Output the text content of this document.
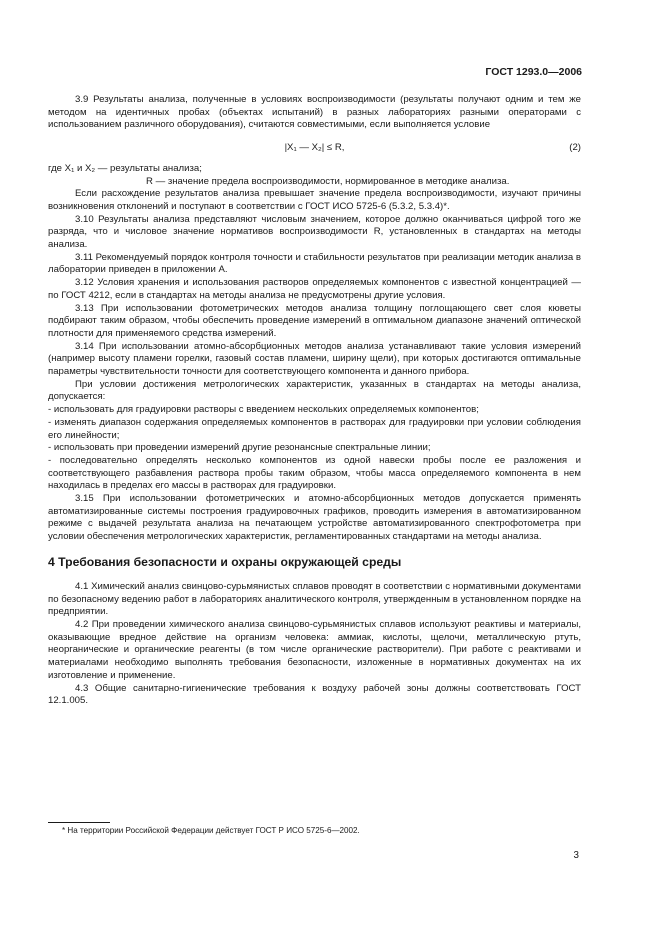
ГОСТ 1293.0—2006

3.9 Результаты анализа, полученные в условиях воспроизводимости (результаты получают одним и тем же методом на идентичных пробах (объектах испытаний) в разных лабораториях разными операторами с использованием различного оборудования), считаются совместимыми, если выполняется условие

|X₁ — X₂| ≤ R,	(2)

где X₁ и X₂ — результаты анализа;

R — значение предела воспроизводимости, нормированное в методике анализа.

Если расхождение результатов анализа превышает значение предела воспроизводимости, изучают причины возникновения отклонений и поступают в соответствии с ГОСТ ИСО 5725-6 (5.3.2, 5.3.4)*.

3.10 Результаты анализа представляют числовым значением, которое должно оканчиваться цифрой того же разряда, что и числовое значение нормативов воспроизводимости R, установленных в стандартах на методы анализа.

3.11 Рекомендуемый порядок контроля точности и стабильности результатов при реализации методик анализа в лаборатории приведен в приложении А.

3.12 Условия хранения и использования растворов определяемых компонентов с известной концентрацией — по ГОСТ 4212, если в стандартах на методы анализа не предусмотрены другие условия.

3.13 При использовании фотометрических методов анализа толщину поглощающего свет слоя кюветы подбирают таким образом, чтобы обеспечить проведение измерений в оптимальном диапазоне значений оптической плотности для применяемого средства измерений.

3.14 При использовании атомно-абсорбционных методов анализа устанавливают такие условия измерений (например высоту пламени горелки, газовый состав пламени, ширину щели), при которых достигаются оптимальные параметры чувствительности точности для соответствующего компонента и данного прибора.

При условии достижения метрологических характеристик, указанных в стандартах на методы анализа, допускается:

- использовать для градуировки растворы с введением нескольких определяемых компонентов;

- изменять диапазон содержания определяемых компонентов в растворах для градуировки при условии соблюдения его линейности;

- использовать при проведении измерений другие резонансные спектральные линии;

- последовательно определять несколько компонентов из одной навески пробы после ее разложения и соответствующего разбавления раствора пробы таким образом, чтобы масса определяемого компонента в нем находилась в пределах его массы в растворах для градуировки.

3.15 При использовании фотометрических и атомно-абсорбционных методов допускается применять автоматизированные системы построения градуировочных графиков, проводить измерения в автоматизированном режиме с выдачей результата анализа на печатающем устройстве автоматизированного спектрофотометра при условии обеспечения метрологических характеристик, регламентированных стандартами на методы анализа.

4 Требования безопасности и охраны окружающей среды

4.1 Химический анализ свинцово-сурьмянистых сплавов проводят в соответствии с нормативными документами по безопасному ведению работ в лабораториях аналитического контроля, утвержденным в установленном порядке на предприятии.

4.2 При проведении химического анализа свинцово-сурьмянистых сплавов используют реактивы и материалы, оказывающие вредное действие на организм человека: аммиак, кислоты, щелочи, металлическую ртуть, неорганические и органические реагенты (в том числе органические растворители). При работе с реактивами и материалами необходимо выполнять требования безопасности, изложенные в нормативных документах на их изготовление и применение.

4.3 Общие санитарно-гигиенические требования к воздуху рабочей зоны должны соответствовать ГОСТ 12.1.005.

* На территории Российской Федерации действует ГОСТ Р ИСО 5725-6—2002.
3
